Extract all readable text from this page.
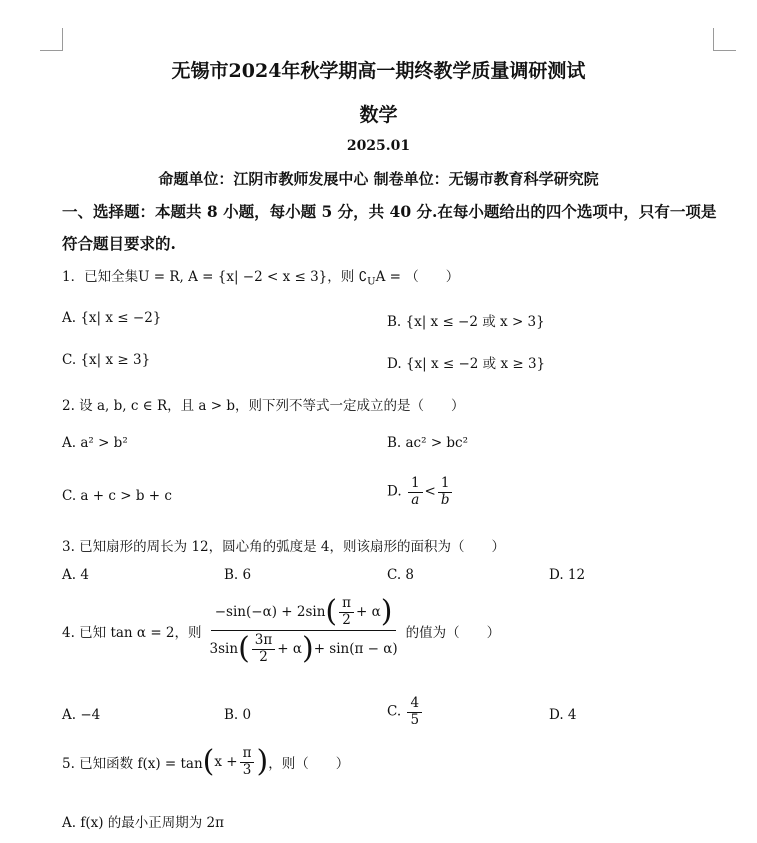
无锡市2024年秋学期高一期终教学质量调研测试
数学
2025.01
命题单位：江阴市教师发展中心 制卷单位：无锡市教育科学研究院
一、选择题：本题共 8 小题，每小题 5 分，共 40 分.在每小题给出的四个选项中，只有一项是
符合题目要求的.
1．已知全集U = R, A = {x| −2 < x ≤ 3}，则 $∁_UA$ = （　　）
A. {x| x ≤ −2}	B. {x| x ≤ −2 或 x > 3}
C. {x| x ≥ 3}	D. {x| x ≤ −2 或 x ≥ 3}
2. 设 a, b, c ∈ R，且 a > b，则下列不等式一定成立的是（　　）
A. a² > b²	B. ac² > bc²
C. a + c > b + c	D. $\frac{1}{a} < \frac{1}{b}$
3. 已知扇形的周长为 12，圆心角的弧度是 4，则该扇形的面积为（　　）
A. 4	B. 6	C. 8	D. 12
4. 已知 tan α = 2，则 $\frac{-\sin(-\alpha) + 2\sin ( \frac{\pi}{2} + \alpha )}{3\sin ( \frac{3\pi}{2} + \alpha ) + \sin(\pi - \alpha)}$ 的值为（　　）
A. −4	B. 0	C. $\frac{4}{5}$	D. 4
5. 已知函数 f(x) = tan ( $x + \frac{\pi}{3}$ ) ，则（　　）
A. f(x) 的最小正周期为 2π
